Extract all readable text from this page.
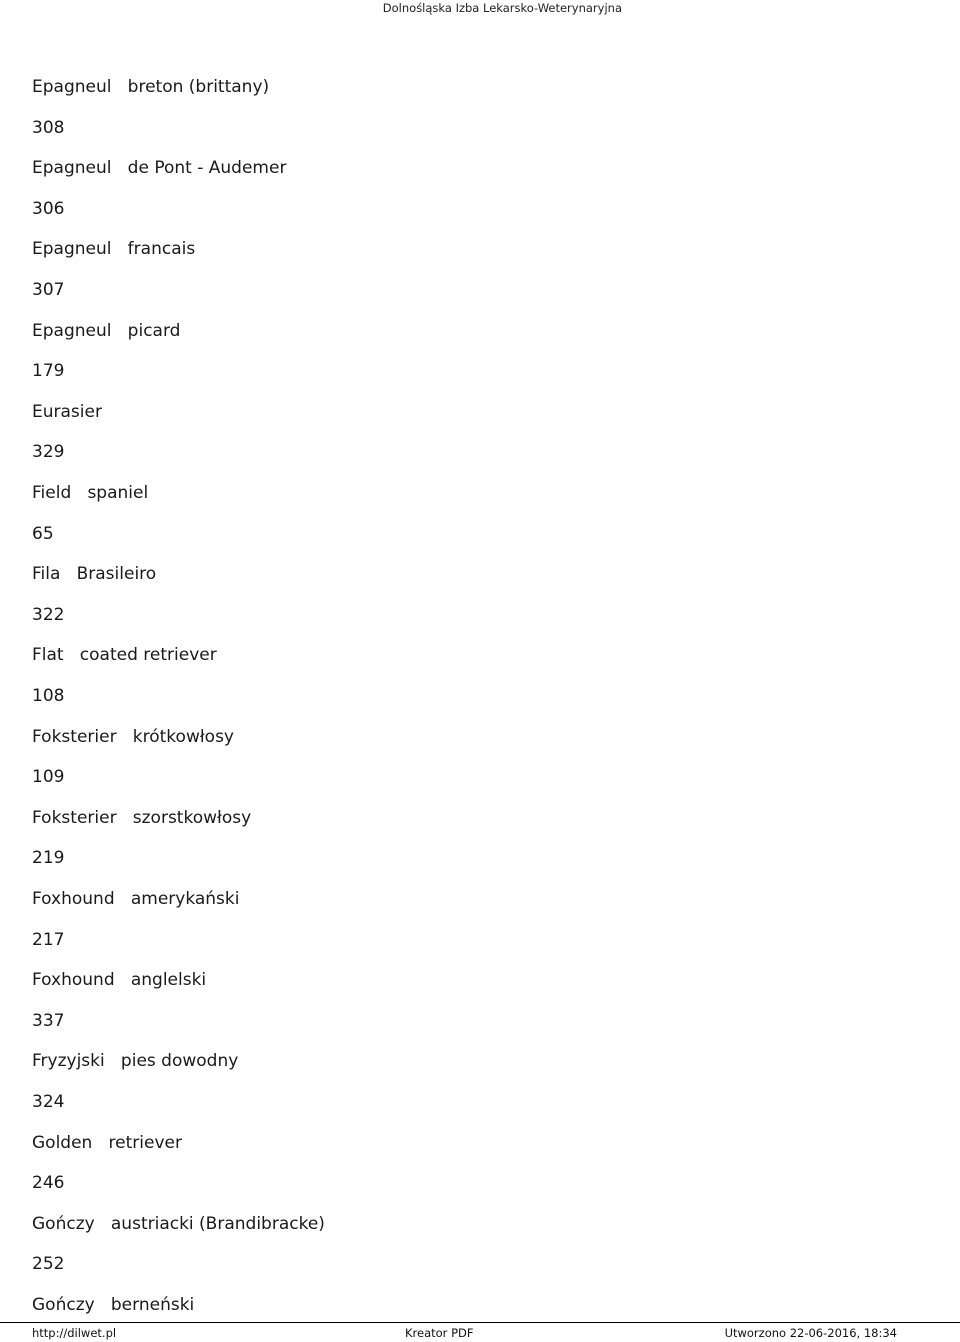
Dolnośląska Izba Lekarsko-Weterynaryjna
Epagneul   breton (brittany)
308
Epagneul   de Pont - Audemer
306
Epagneul   francais
307
Epagneul   picard
179
Eurasier
329
Field   spaniel
65
Fila   Brasileiro
322
Flat   coated retriever
108
Foksterier   krótkowłosy
109
Foksterier   szorstkowłosy
219
Foxhound   amerykański
217
Foxhound   anglelski
337
Fryzyjski   pies dowodny
324
Golden   retriever
246
Gończy   austriacki (Brandibracke)
252
Gończy   berneński
http://dilwet.pl	Kreator PDF	Utworzono 22-06-2016, 18:34
